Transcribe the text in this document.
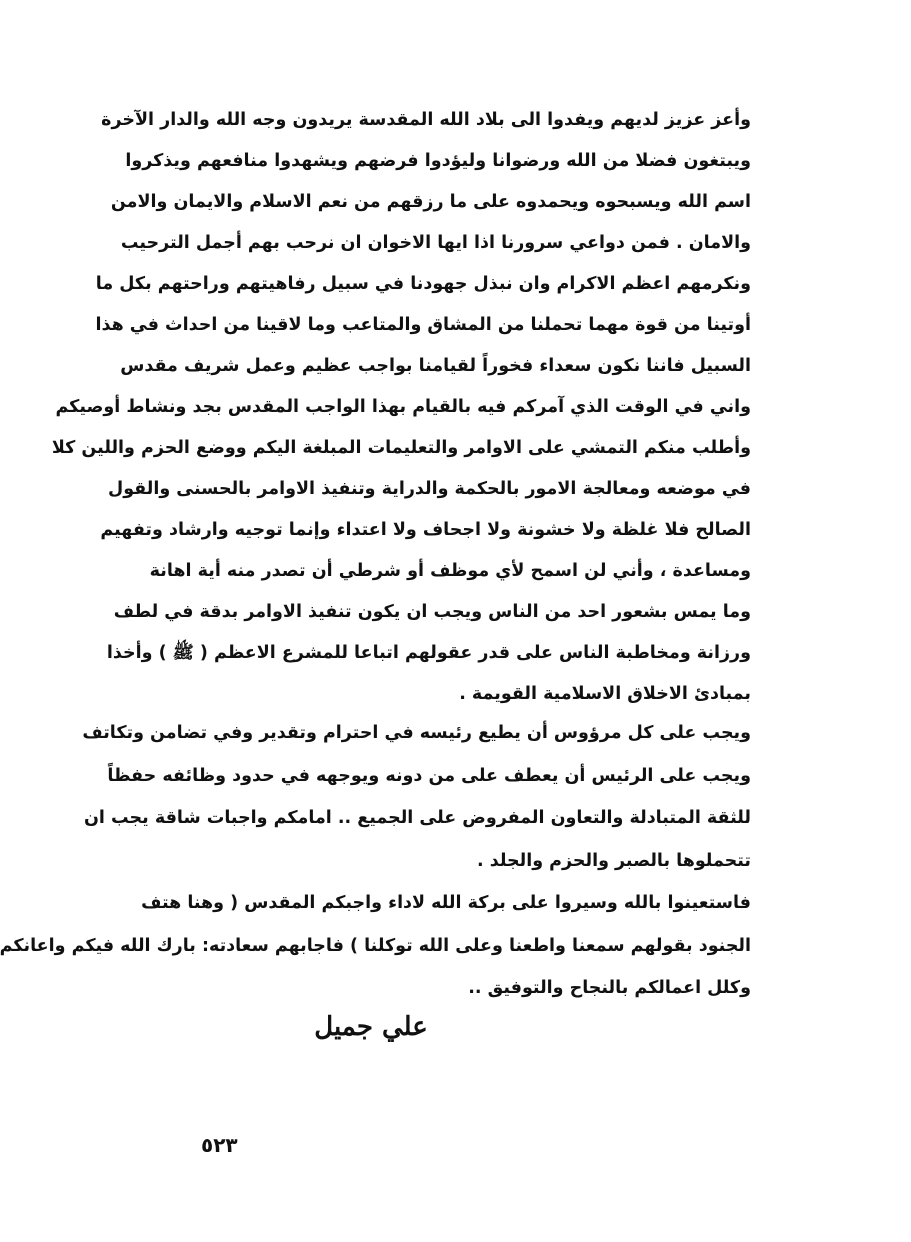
وأعز عزيز لديهم ويفدوا الى بلاد الله المقدسة يريدون وجه الله والدار الآخرة
ويبتغون فضلا من الله ورضوانا وليؤدوا فرضهم ويشهدوا منافعهم ويذكروا
اسم الله ويسبحوه ويحمدوه على ما رزقهم من نعم الاسلام والايمان والامن
والامان . فمن دواعي سرورنا اذا ايها الاخوان ان نرحب بهم أجمل الترحيب
ونكرمهم اعظم الاكرام وان نبذل جهودنا في سبيل رفاهيتهم وراحتهم بكل ما
أوتينا من قوة مهما تحملنا من المشاق والمتاعب وما لاقينا من احداث في هذا
السبيل فاننا نكون سعداء فخوراً لقيامنا بواجب عظيم وعمل شريف مقدس
واني في الوقت الذي آمركم فيه بالقيام بهذا الواجب المقدس بجد ونشاط أوصيكم
وأطلب منكم التمشي على الاوامر والتعليمات المبلغة اليكم ووضع الحزم واللين كلا
في موضعه ومعالجة الامور بالحكمة والدراية وتنفيذ الاوامر بالحسنى والقول
الصالح فلا غلظة ولا خشونة ولا اجحاف ولا اعتداء وإنما توجيه وارشاد وتفهيم
ومساعدة ، وأني لن اسمح لأي موظف أو شرطي أن تصدر منه أية اهانة
وما يمس بشعور احد من الناس ويجب ان يكون تنفيذ الاوامر بدقة في لطف
ورزانة ومخاطبة الناس على قدر عقولهم اتباعا للمشرع الاعظم ( ﷺ ) وأخذا
بمبادئ الاخلاق الاسلامية القويمة .
ويجب على كل مرؤوس أن يطيع رئيسه في احترام وتقدير وفي تضامن وتكاتف
ويجب على الرئيس أن يعطف على من دونه ويوجهه في حدود وظائفه حفظاً
للثقة المتبادلة والتعاون المفروض على الجميع .. امامكم واجبات شاقة يجب ان
تتحملوها بالصبر والحزم والجلد .
فاستعينوا بالله وسيروا على بركة الله لاداء واجبكم المقدس ( وهنا هتف
الجنود بقولهم سمعنا واطعنا وعلى الله توكلنا ) فاجابهم سعادته: بارك الله فيكم واعانكم
وكلل اعمالكم بالنجاح والتوفيق ..
علي جميل
٥٢٣
